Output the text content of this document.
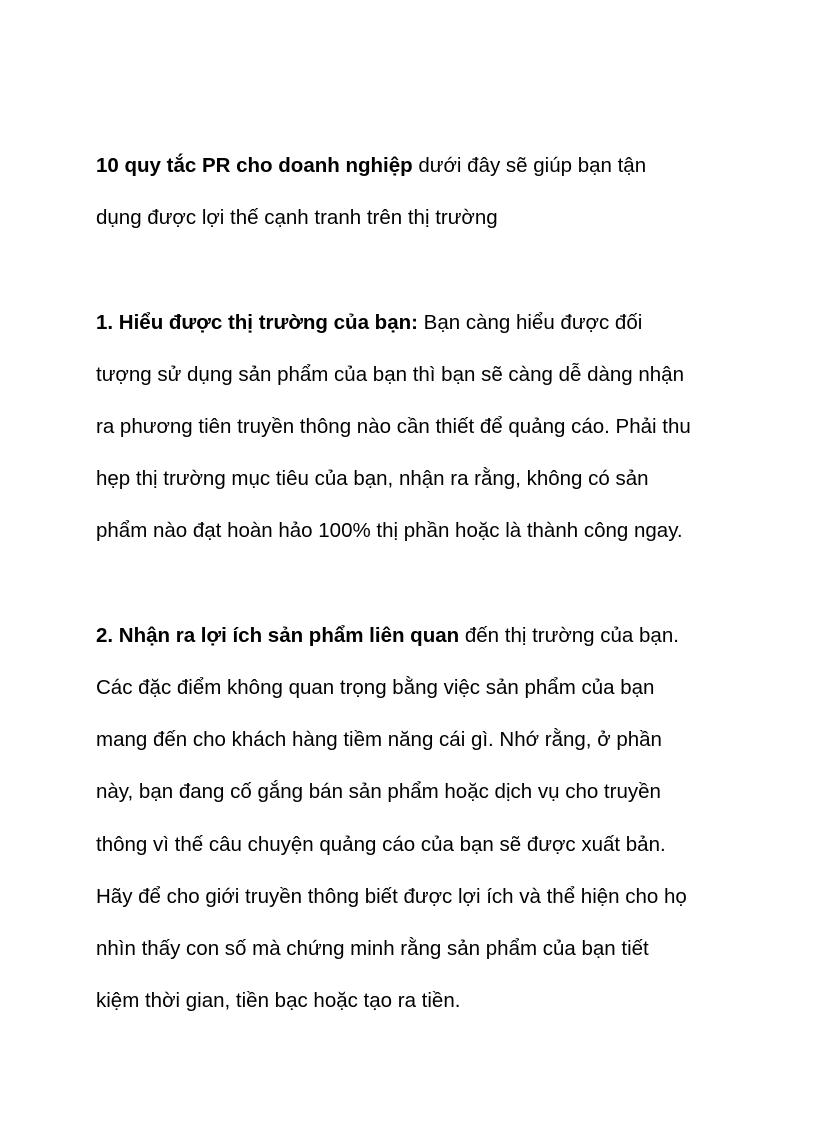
10 quy tắc PR cho doanh nghiệp dưới đây sẽ giúp bạn tận
dụng được lợi thế cạnh tranh trên thị trường

1. Hiểu được thị trường của bạn: Bạn càng hiểu được đối
tượng sử dụng sản phẩm của bạn thì bạn sẽ càng dễ dàng nhận
ra phương tiên truyền thông nào cần thiết để quảng cáo. Phải thu
hẹp thị trường mục tiêu của bạn, nhận ra rằng, không có sản
phẩm nào đạt hoàn hảo 100% thị phần hoặc là thành công ngay.

2. Nhận ra lợi ích sản phẩm liên quan đến thị trường của bạn.
Các đặc điểm không quan trọng bằng việc sản phẩm của bạn
mang đến cho khách hàng tiềm năng cái gì. Nhớ rằng, ở phần
này, bạn đang cố gắng bán sản phẩm hoặc dịch vụ cho truyền
thông vì thế câu chuyện quảng cáo của bạn sẽ được xuất bản.
Hãy để cho giới truyền thông biết được lợi ích và thể hiện cho họ
nhìn thấy con số mà chứng minh rằng sản phẩm của bạn tiết
kiệm thời gian, tiền bạc hoặc tạo ra tiền.
